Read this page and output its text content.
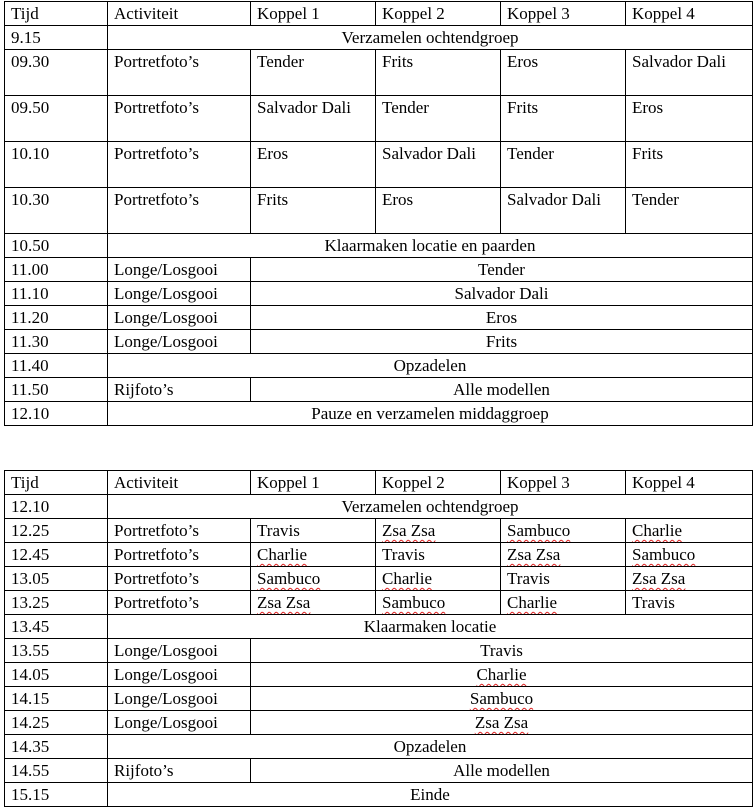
Tijd	Activiteit	Koppel 1	Koppel 2	Koppel 3	Koppel 4
9.15	Verzamelen ochtendgroep				
09.30	Portretfoto’s	Tender	Frits	Eros	Salvador Dali
09.50	Portretfoto’s	Salvador Dali	Tender	Frits	Eros
10.10	Portretfoto’s	Eros	Salvador Dali	Tender	Frits
10.30	Portretfoto’s	Frits	Eros	Salvador Dali	Tender
10.50	Klaarmaken locatie en paarden				
11.00	Longe/Losgooi	Tender			
11.10	Longe/Losgooi	Salvador Dali			
11.20	Longe/Losgooi	Eros			
11.30	Longe/Losgooi	Frits			
11.40	Opzadelen				
11.50	Rijfoto’s	Alle modellen			
12.10	Pauze en verzamelen middaggroep				
Tijd	Activiteit	Koppel 1	Koppel 2	Koppel 3	Koppel 4
12.10	Verzamelen ochtendgroep				
12.25	Portretfoto’s	Travis	Zsa Zsa	Sambuco	Charlie
12.45	Portretfoto’s	Charlie	Travis	Zsa Zsa	Sambuco
13.05	Portretfoto’s	Sambuco	Charlie	Travis	Zsa Zsa
13.25	Portretfoto’s	Zsa Zsa	Sambuco	Charlie	Travis
13.45	Klaarmaken locatie				
13.55	Longe/Losgooi	Travis			
14.05	Longe/Losgooi	Charlie			
14.15	Longe/Losgooi	Sambuco			
14.25	Longe/Losgooi	Zsa Zsa			
14.35	Opzadelen				
14.55	Rijfoto’s	Alle modellen			
15.15	Einde				
